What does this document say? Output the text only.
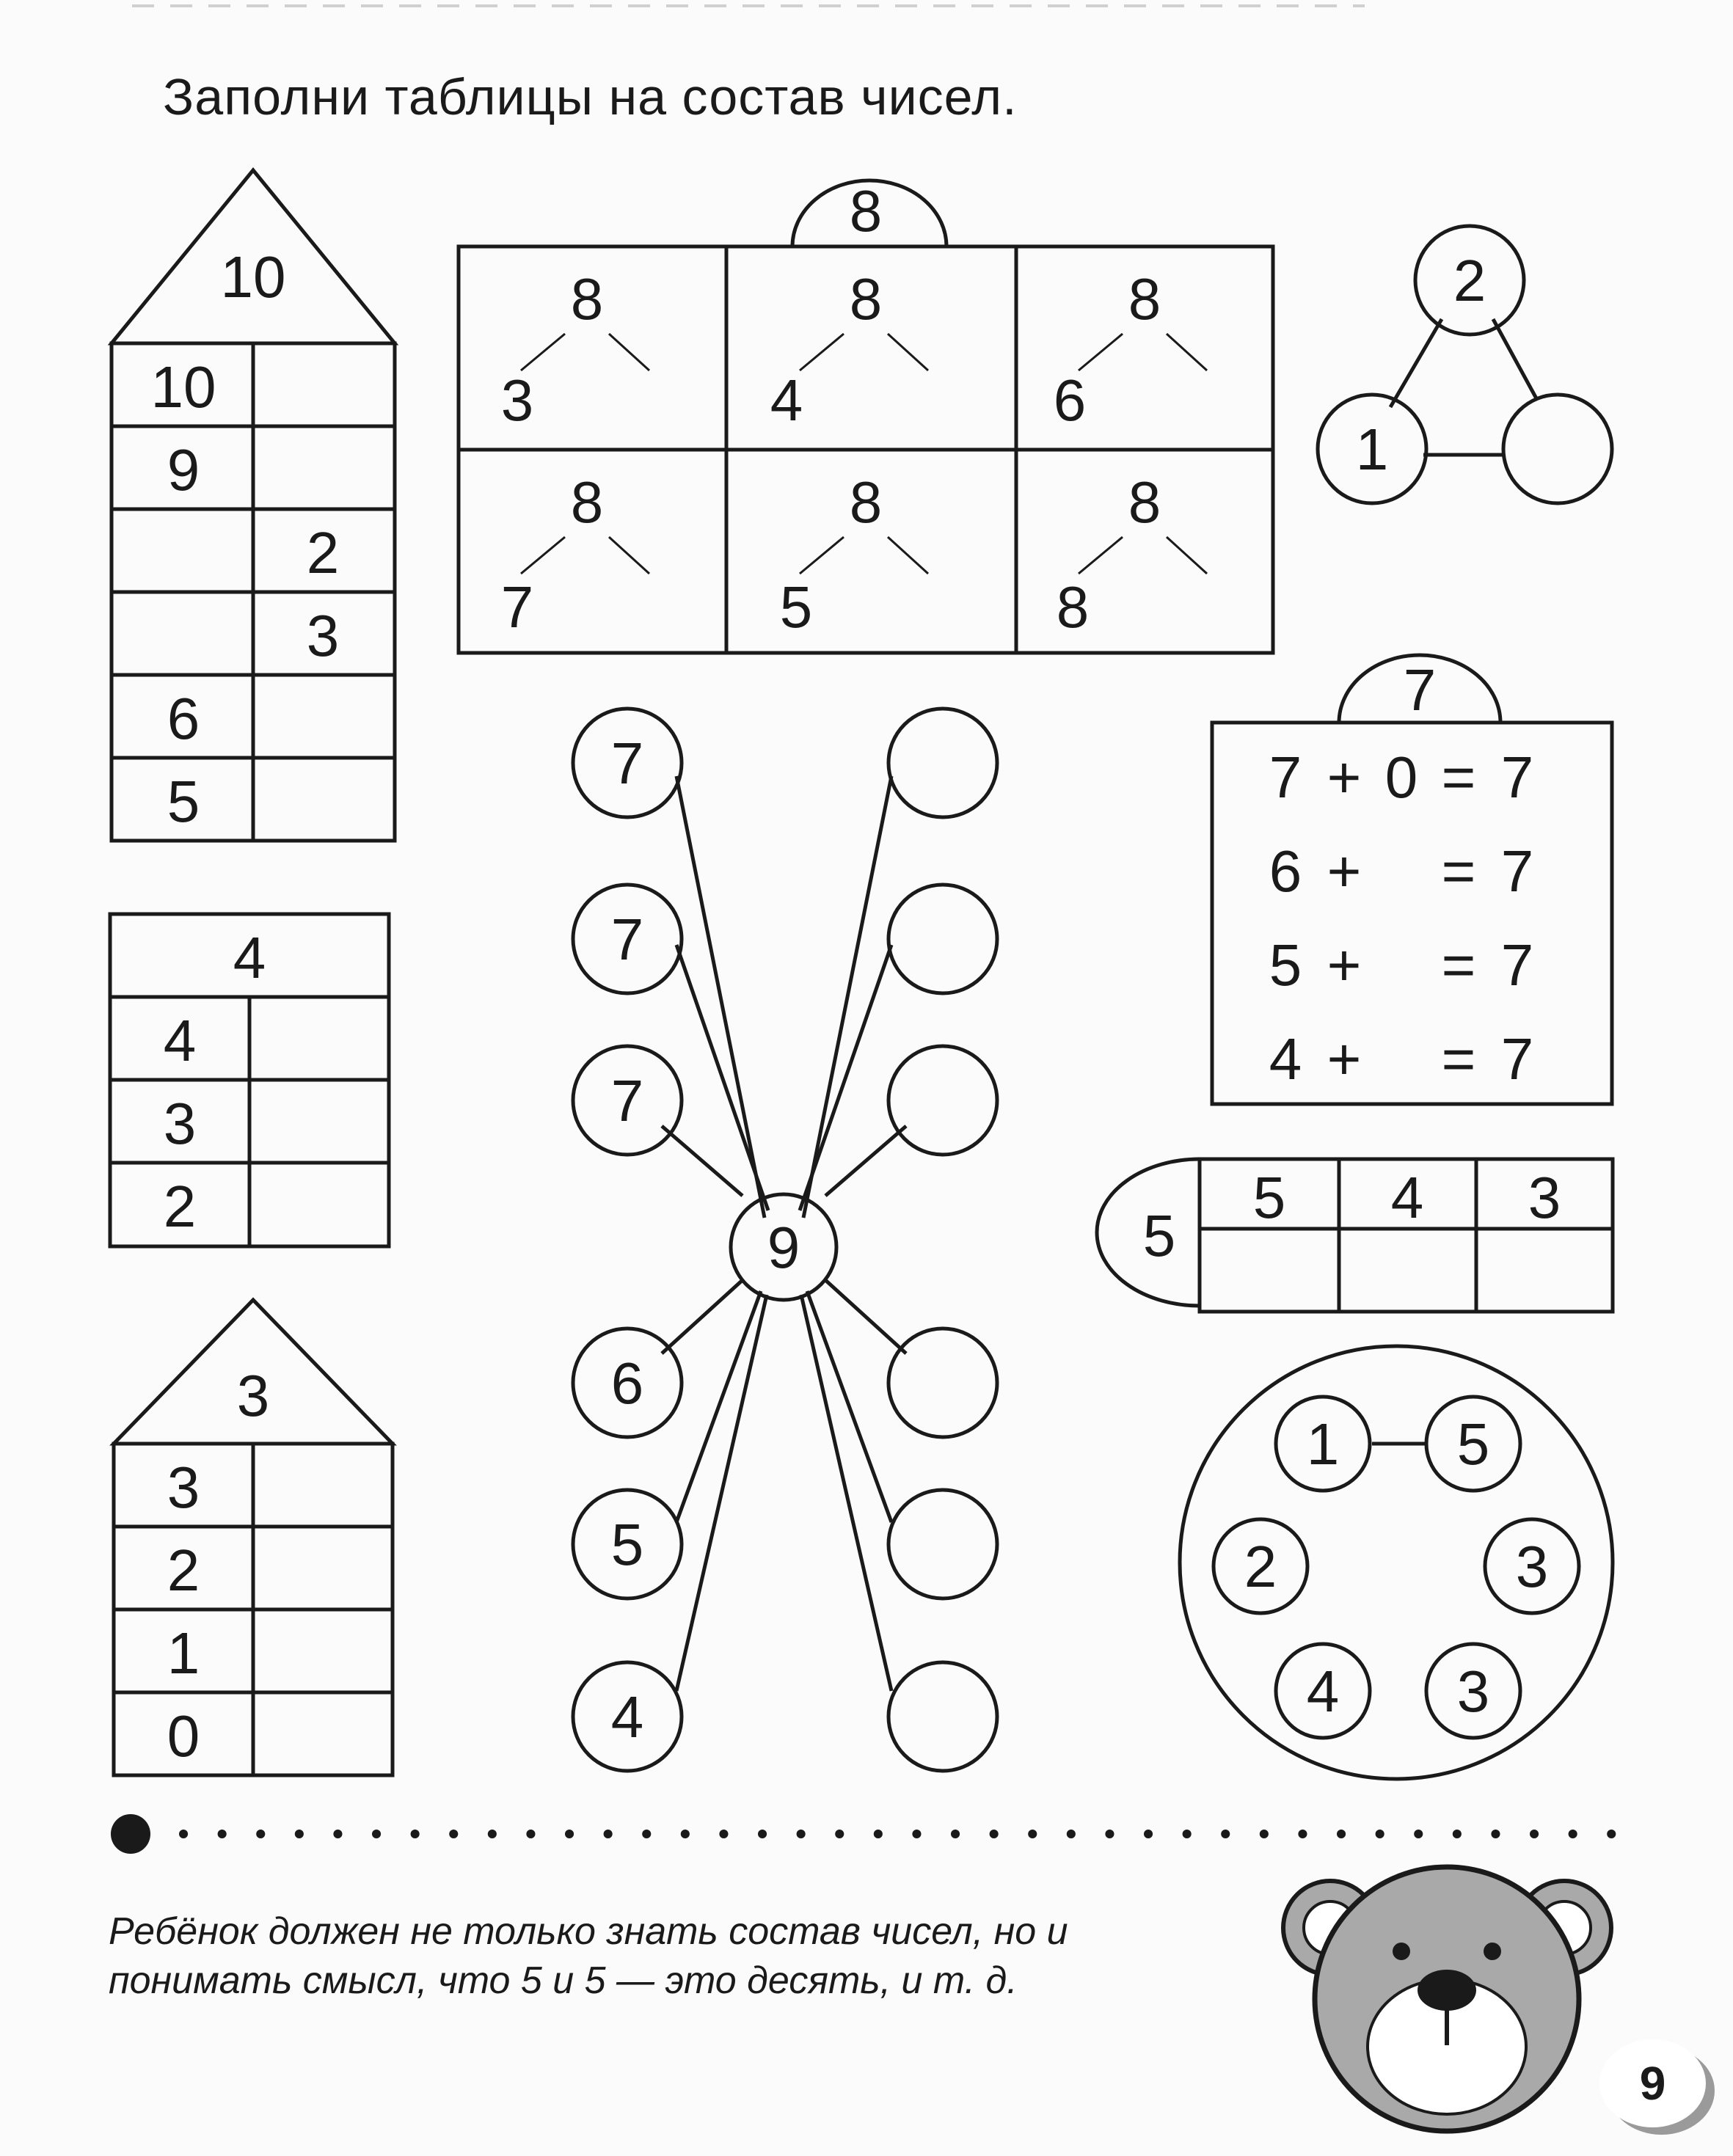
10
10
9
2
3
6
5
4
4
3
2
3
3
2
1
0
8
8
3
8
4
8
6
8
7
8
5
8
8
2
1
9
7
7
7
6
5
4
7
7 + 0 = 7
6 + = 7
5 + = 7
4 + = 7
5
5 4 3
1 5
2	3
4 3
Заполни таблицы на состав чисел.

Ребёнок должен не только знать состав чисел, но и понимать смысл, что 5 и 5 — это десять, и т. д.

9
